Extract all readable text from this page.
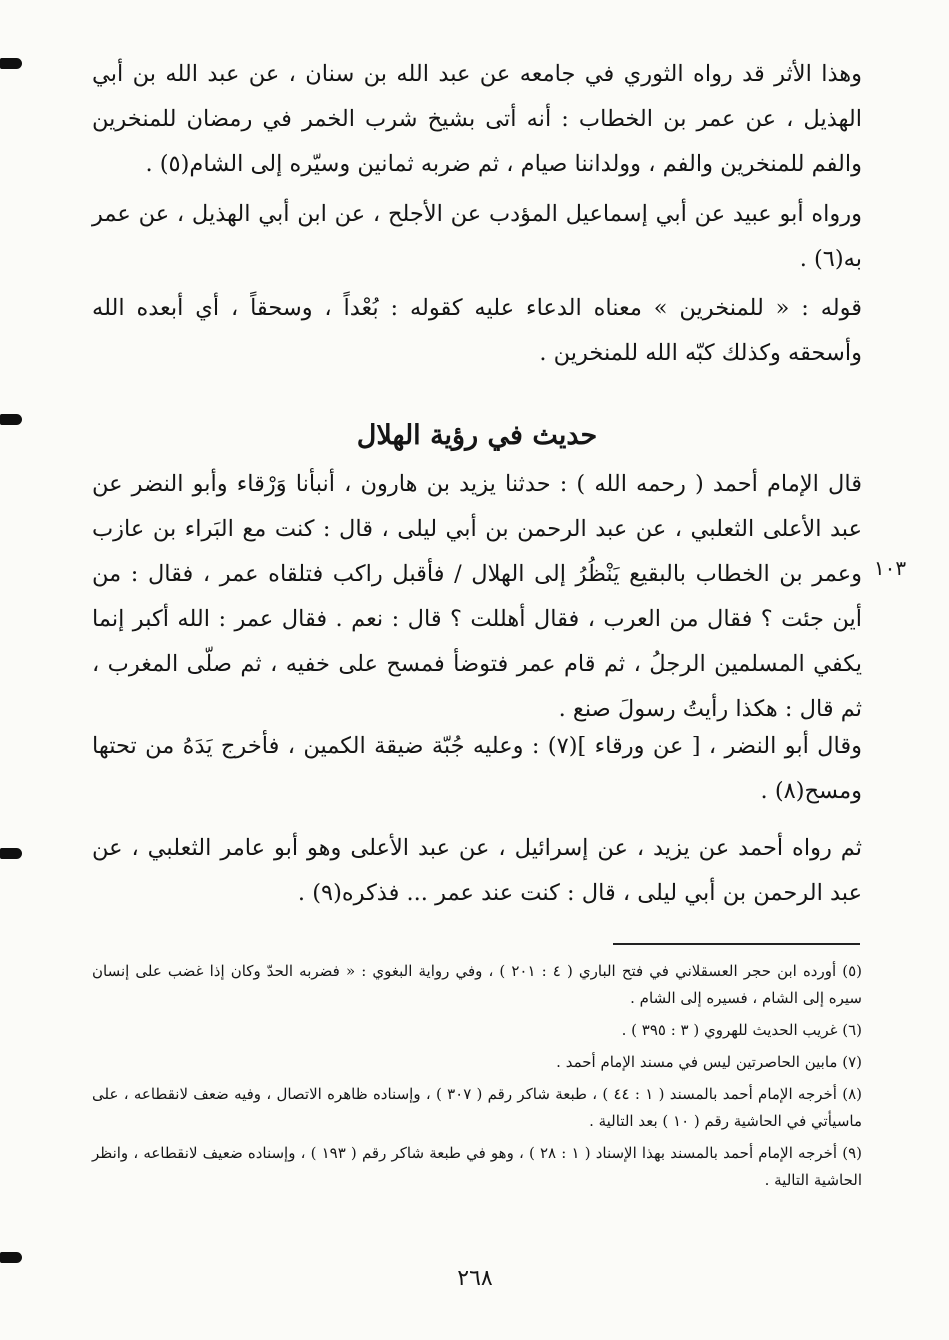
وهذا الأثر قد رواه الثوري في جامعه عن عبد الله بن سنان ، عن عبد الله بن أبي الهذيل ، عن عمر بن الخطاب : أنه أتى بشيخ شرب الخمر في رمضان للمنخرين والفم للمنخرين والفم ، وولداننا صيام ، ثم ضربه ثمانين وسيّره إلى الشام(٥) .
ورواه أبو عبيد عن أبي إسماعيل المؤدب عن الأجلح ، عن ابن أبي الهذيل ، عن عمر به(٦) .
قوله : « للمنخرين » معناه الدعاء عليه كقوله : بُعْداً ، وسحقاً ، أي أبعده الله وأسحقه وكذلك كبّه الله للمنخرين .
حديث في رؤية الهلال
١٠٣
قال الإمام أحمد ( رحمه الله ) : حدثنا يزيد بن هارون ، أنبأنا وَرْقاء وأبو النضر عن عبد الأعلى الثعلبي ، عن عبد الرحمن بن أبي ليلى ، قال : كنت مع البَراء بن عازب وعمر بن الخطاب بالبقيع يَنْظُرُ إلى الهلال / فأقبل راكب فتلقاه عمر ، فقال : من أين جئت ؟ فقال من العرب ، فقال أهللت ؟ قال : نعم . فقال عمر : الله أكبر إنما يكفي المسلمين الرجلُ ، ثم قام عمر فتوضأ فمسح على خفيه ، ثم صلّى المغرب ، ثم قال : هكذا رأيتُ رسولَ صنع .
وقال أبو النضر ، [ عن ورقاء ](٧) : وعليه جُبّة ضيقة الكمين ، فأخرج يَدَهُ من تحتها ومسح(٨) .
ثم رواه أحمد عن يزيد ، عن إسرائيل ، عن عبد الأعلى وهو أبو عامر الثعلبي ، عن عبد الرحمن بن أبي ليلى ، قال : كنت عند عمر ... فذكره(٩) .

(٥) أورده ابن حجر العسقلاني في فتح الباري ( ٤ : ٢٠١ ) ، وفي رواية البغوي : « فضربه الحدّ وكان إذا غضب على إنسان سيره إلى الشام ، فسيره إلى الشام .

(٦) غريب الحديث للهروي ( ٣ : ٣٩٥ ) .

(٧) مابين الحاصرتين ليس في مسند الإمام أحمد .

(٨) أخرجه الإمام أحمد بالمسند ( ١ : ٤٤ ) ، طبعة شاكر رقم ( ٣٠٧ ) ، وإسناده ظاهره الاتصال ، وفيه ضعف لانقطاعه ، على ماسيأتي في الحاشية رقم ( ١٠ ) بعد التالية .

(٩) أخرجه الإمام أحمد بالمسند بهذا الإسناد ( ١ : ٢٨ ) ، وهو في طبعة شاكر رقم ( ١٩٣ ) ، وإسناده ضعيف لانقطاعه ، وانظر الحاشية التالية .

٢٦٨
